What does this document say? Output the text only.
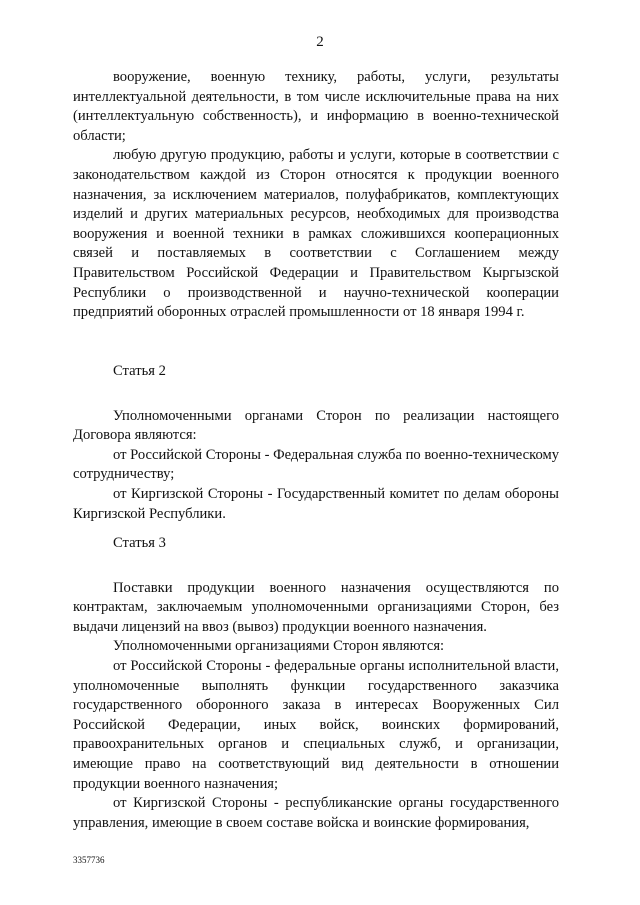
2

вооружение, военную технику, работы, услуги, результаты интеллектуальной деятельности, в том числе исключительные права на них (интеллектуальную собственность), и информацию в военно-технической области;

любую другую продукцию, работы и услуги, которые в соответствии с законодательством каждой из Сторон относятся к продукции военного назначения, за исключением материалов, полуфабрикатов, комплектующих изделий и других материальных ресурсов, необходимых для производства вооружения и военной техники в рамках сложившихся кооперационных связей и поставляемых в соответствии с Соглашением между Правительством Российской Федерации и Правительством Кыргызской Республики о производственной и научно-технической кооперации предприятий оборонных отраслей промышленности от 18 января 1994 г.

Статья 2

Уполномоченными органами Сторон по реализации настоящего Договора являются:

от Российской Стороны - Федеральная служба по военно-техническому сотрудничеству;

от Киргизской Стороны - Государственный комитет по делам обороны Киргизской Республики.

Статья 3

Поставки продукции военного назначения осуществляются по контрактам, заключаемым уполномоченными организациями Сторон, без выдачи лицензий на ввоз (вывоз) продукции военного назначения.

Уполномоченными организациями Сторон являются:

от Российской Стороны - федеральные органы исполнительной власти, уполномоченные выполнять функции государственного заказчика государственного оборонного заказа в интересах Вооруженных Сил Российской Федерации, иных войск, воинских формирований, правоохранительных органов и специальных служб, и организации, имеющие право на соответствующий вид деятельности в отношении продукции военного назначения;

от Киргизской Стороны - республиканские органы государственного управления, имеющие в своем составе войска и воинские формирования,

3357736
